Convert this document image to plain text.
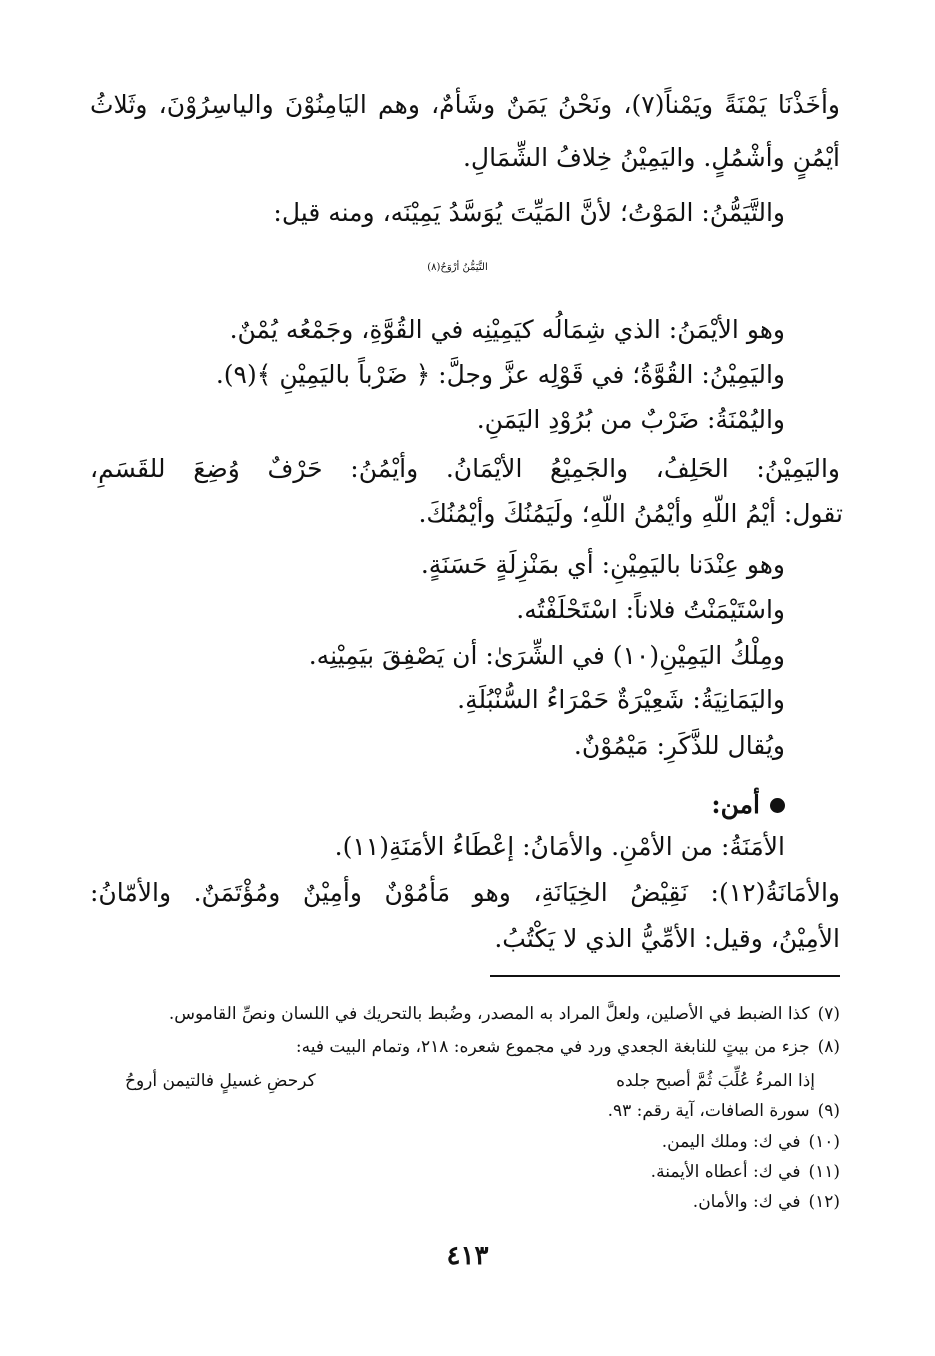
وأخَذْنَا يَمْنَةً ويَمْناً(٧)، ونَحْنُ يَمَنٌ وشَأمٌ، وهم اليَامِنُوْنَ والياسِرُوْنَ، وثَلاثُ
أيْمُنٍ وأشْمُلٍ. واليَمِيْنُ خِلافُ الشِّمَالِ.
والتَّيَمُّنُ: المَوْتُ؛ لأنَّ المَيِّتَ يُوَسَّدُ يَمِيْنَه، ومنه قيل:
التَّيَمُّنُ أرْوَحُ(٨)
وهو الأيْمَنُ: الذي شِمَالُه كيَمِيْنِه في القُوَّةِ، وجَمْعُه يُمْنٌ.
واليَمِيْنُ: القُوَّةُ؛ في قَوْلِه عزَّ وجلَّ: ﴿ ضَرْباً باليَمِيْنِ ﴾(٩).
واليُمْنَةُ: ضَرْبٌ من بُرُوْدِ اليَمَنِ.
واليَمِيْنُ: الحَلِفُ، والجَمِيْعُ الأيْمَانُ. وأيْمُنُ: حَرْفٌ وُضِعَ للقَسَمِ،
تقول: أيْمُ اللّهِ وأيْمُنُ اللّهِ؛ ولَيَمُنُكَ وأيْمُنُكَ.
وهو عِنْدَنا باليَمِيْنِ: أي بمَنْزِلَةٍ حَسَنَةٍ.
واسْتَيْمَنْتُ فلاناً: اسْتَحْلَفْتُه.
ومِلْكُ اليَمِيْنِ(١٠) في الشِّرَىٰ: أن يَصْفِقَ بيَمِيْنِه.
واليَمَانِيَةُ: شَعِيْرَةٌ حَمْرَاءُ السُّنْبُلَةِ.
ويُقال للذَّكَرِ: مَيْمُوْنٌ.
أمن:
الأمَنَةُ: من الأمْنِ. والأمَانُ: إعْطَاءُ الأمَنَةِ(١١).
والأمَانَةُ(١٢): نَقِيْضُ الخِيَانَةِ، وهو مَأمُوْنٌ وأمِيْنٌ ومُؤْتَمَنٌ. والأمّانُ:
الأمِيْنُ، وقيل: الأمِّيُّ الذي لا يَكْتُبُ.
(٧)كذا الضبط في الأصلين، ولعلَّ المراد به المصدر، وضُبط بالتحريك في اللسان ونصِّ القاموس.
(٨)جزء من بيتٍ للنابغة الجعدي ورد في مجموع شعره: ٢١٨، وتمام البيت فيه:
إذا المرءُ عُلِّبَ ثُمَّ أصبح جلده
كرحضِ غسيلٍ فالتيمن أروحُ
(٩)سورة الصافات، آية رقم: ٩٣.
(١٠)في ك: وملك اليمن.
(١١)في ك: أعطاه الأيمنة.
(١٢)في ك: والأمان.
٤١٣
